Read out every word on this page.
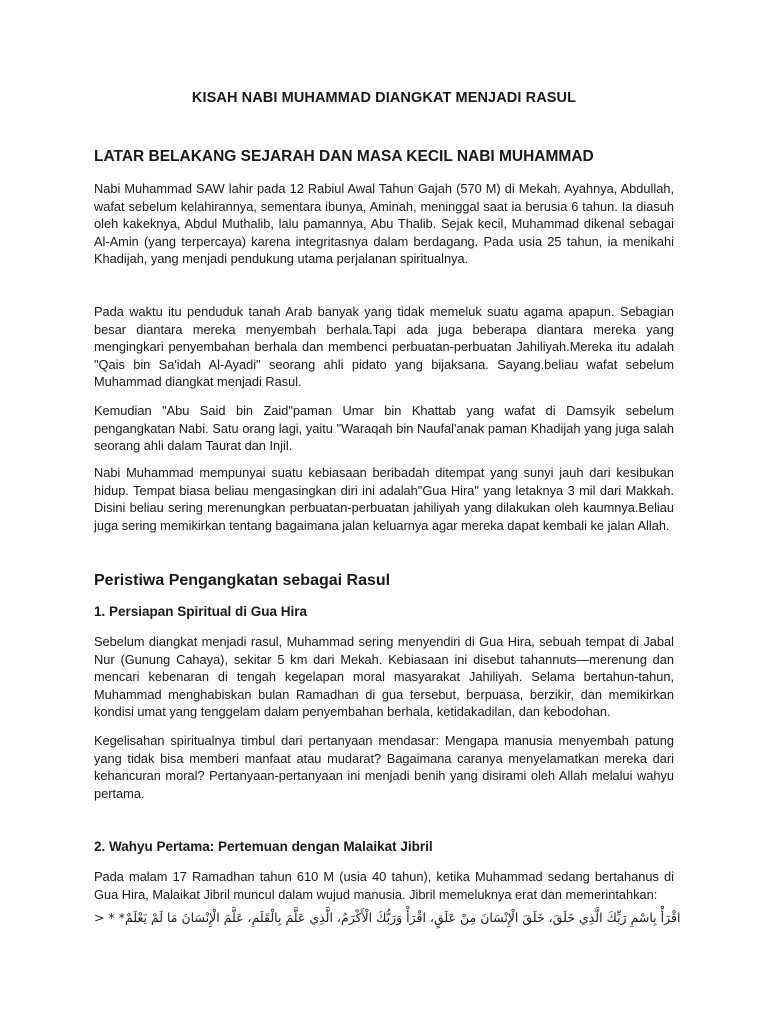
KISAH NABI MUHAMMAD DIANGKAT MENJADI RASUL
LATAR BELAKANG SEJARAH DAN MASA KECIL NABI MUHAMMAD

Nabi Muhammad SAW lahir pada 12 Rabiul Awal Tahun Gajah (570 M) di Mekah. Ayahnya, Abdullah, wafat sebelum kelahirannya, sementara ibunya, Aminah, meninggal saat ia berusia 6 tahun. Ia diasuh oleh kakeknya, Abdul Muthalib, lalu pamannya, Abu Thalib. Sejak kecil, Muhammad dikenal sebagai Al-Amin (yang terpercaya) karena integritasnya dalam berdagang. Pada usia 25 tahun, ia menikahi Khadijah, yang menjadi pendukung utama perjalanan spiritualnya.

Pada waktu itu penduduk tanah Arab banyak yang tidak memeluk suatu agama apapun. Sebagian besar diantara mereka menyembah berhala.Tapi ada juga beberapa diantara mereka yang mengingkari penyembahan berhala dan membenci perbuatan-perbuatan Jahiliyah.Mereka itu adalah "Qais bin Sa'idah Al-Ayadi" seorang ahli pidato yang bijaksana. Sayang.beliau wafat sebelum Muhammad diangkat menjadi Rasul.

Kemudian "Abu Said bin Zaid"paman Umar bin Khattab yang wafat di Damsyik sebelum pengangkatan Nabi. Satu orang lagi, yaitu "Waraqah bin Naufal'anak paman Khadijah yang juga salah seorang ahli dalam Taurat dan Injil.

Nabi Muhammad mempunyai suatu kebiasaan beribadah ditempat yang sunyi jauh dari kesibukan hidup. Tempat biasa beliau mengasingkan diri ini adalah"Gua Hira" yang letaknya 3 mil dari Makkah. Disini beliau sering merenungkan perbuatan-perbuatan jahiliyah yang dilakukan oleh kaumnya.Beliau juga sering memikirkan tentang bagaimana jalan keluarnya agar mereka dapat kembali ke jalan Allah.

Peristiwa Pengangkatan sebagai Rasul
1. Persiapan Spiritual di Gua Hira

Sebelum diangkat menjadi rasul, Muhammad sering menyendiri di Gua Hira, sebuah tempat di Jabal Nur (Gunung Cahaya), sekitar 5 km dari Mekah. Kebiasaan ini disebut tahannuts—merenung dan mencari kebenaran di tengah kegelapan moral masyarakat Jahiliyah. Selama bertahun-tahun, Muhammad menghabiskan bulan Ramadhan di gua tersebut, berpuasa, berzikir, dan memikirkan kondisi umat yang tenggelam dalam penyembahan berhala, ketidakadilan, dan kebodohan.

Kegelisahan spiritualnya timbul dari pertanyaan mendasar: Mengapa manusia menyembah patung yang tidak bisa memberi manfaat atau mudarat? Bagaimana caranya menyelamatkan mereka dari kehancuran moral? Pertanyaan-pertanyaan ini menjadi benih yang disirami oleh Allah melalui wahyu pertama.

2. Wahyu Pertama: Pertemuan dengan Malaikat Jibril

Pada malam 17 Ramadhan tahun 610 M (usia 40 tahun), ketika Muhammad sedang bertahanus di Gua Hira, Malaikat Jibril muncul dalam wujud manusia. Jibril memeluknya erat dan memerintahkan:

> * اقْرَأْ بِاسْمِ رَبِّكَ الَّذِي خَلَقَ، خَلَقَ الْإِنْسَانَ مِنْ عَلَقٍ، اقْرَأْ وَرَبُّكَ الْأَكْرَمُ، الَّذِي عَلَّمَ بِالْقَلَمِ، عَلَّمَ الْإِنْسَانَ مَا لَمْ يَعْلَمْ*
